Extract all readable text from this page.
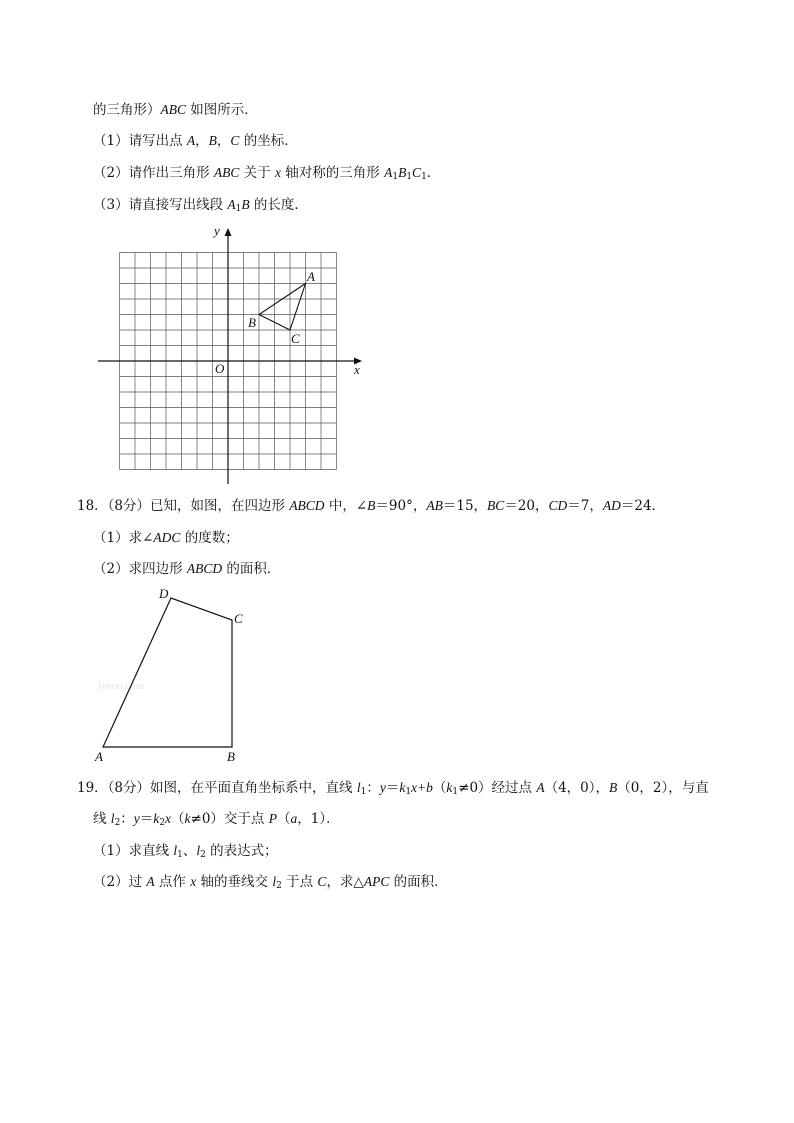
的三角形）ABC 如图所示．
（1）请写出点 A，B，C 的坐标．
（2）请作出三角形 ABC 关于 x 轴对称的三角形 $A_1B_1C_1$．
（3）请直接写出线段 $A_1B$ 的长度．
y
x
O
A
B
C
18．（8分）已知，如图，在四边形 ABCD 中，∠B＝90°，AB＝15，BC＝20，CD＝7，AD＝24．
（1）求∠ADC 的度数；
（2）求四边形 ABCD 的面积．
Jyeoo.com
A	B
C
D
19．（8分）如图，在平面直角坐标系中，直线 $l_1$：$y=k_1x+b(k_1\ne 0)$经过点 A（4，0），B（0，2），与直
线 $l_2$：$y=k_2x(k\ne 0)$交于点 P（a，1）．
（1）求直线 $l_1$、$l_2$ 的表达式；
（2）过 A 点作 x 轴的垂线交 $l_2$ 于点 C，求△APC 的面积．
